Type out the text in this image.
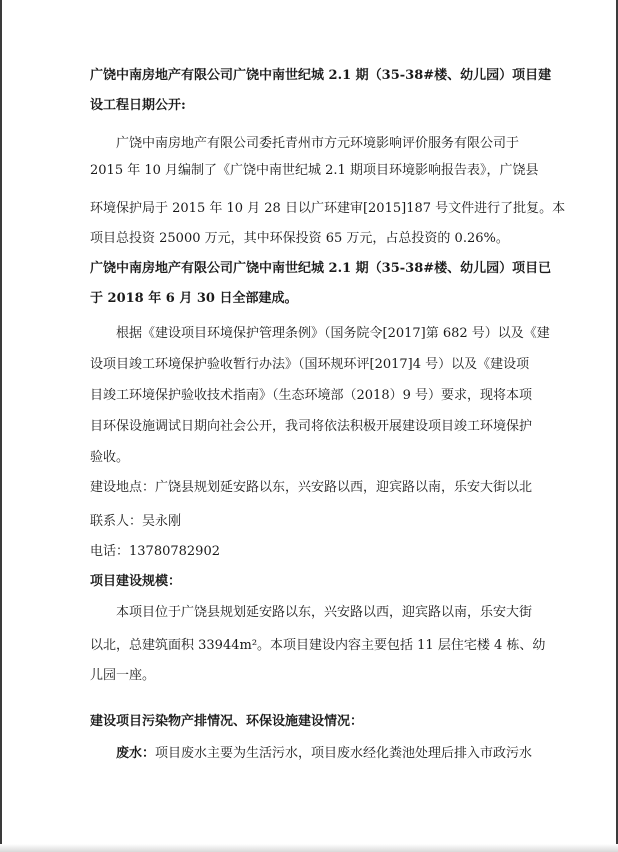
广饶中南房地产有限公司广饶中南世纪城 2.1 期（35-38#楼、幼儿园）项目建
设工程日期公开:
广饶中南房地产有限公司委托青州市方元环境影响评价服务有限公司于
2015 年 10 月编制了《广饶中南世纪城 2.1 期项目环境影响报告表》，广饶县
环境保护局于 2015 年 10 月 28 日以广环建审[2015]187 号文件进行了批复。本
项目总投资 25000 万元，其中环保投资 65 万元，占总投资的 0.26%。
广饶中南房地产有限公司广饶中南世纪城 2.1 期（35-38#楼、幼儿园）项目已
于 2018 年 6 月 30 日全部建成。
根据《建设项目环境保护管理条例》（国务院令[2017]第 682 号）以及《建
设项目竣工环境保护验收暂行办法》（国环规环评[2017]4 号）以及《建设项
目竣工环境保护验收技术指南》（生态环境部（2018）9 号）要求，现将本项
目环保设施调试日期向社会公开，我司将依法积极开展建设项目竣工环境保护
验收。
建设地点：广饶县规划延安路以东，兴安路以西，迎宾路以南，乐安大街以北
联系人：吴永刚
电话：13780782902
项目建设规模：
本项目位于广饶县规划延安路以东，兴安路以西，迎宾路以南，乐安大街
以北，总建筑面积 33944m²。本项目建设内容主要包括 11 层住宅楼 4 栋、幼
儿园一座。
建设项目污染物产排情况、环保设施建设情况：
废水：项目废水主要为生活污水，项目废水经化粪池处理后排入市政污水
